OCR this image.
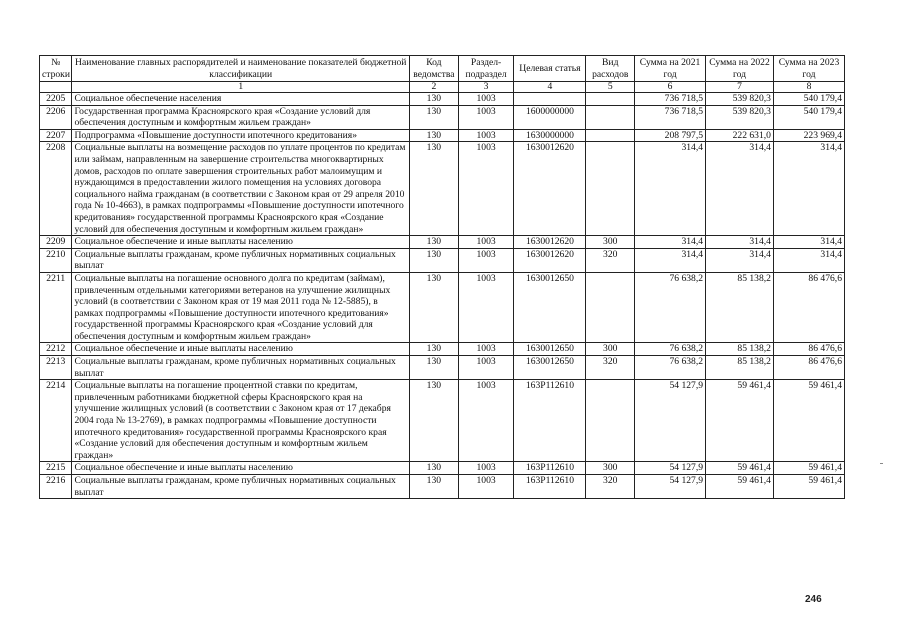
№ строки	Наименование главных распорядителей и наименование показателей бюджетной классификации	Код ведомства	Раздел-подраздел	Целевая статья	Вид расходов	Сумма на 2021 год	Сумма на 2022 год	Сумма на 2023 год
	1	2	3	4	5	6	7	8
2205	Социальное обеспечение населения	130	1003			736 718,5	539 820,3	540 179,4
2206	Государственная программа Красноярского края «Создание условий для обеспечения доступным и комфортным жильем граждан»	130	1003	1600000000		736 718,5	539 820,3	540 179,4
2207	Подпрограмма «Повышение доступности ипотечного кредитования»	130	1003	1630000000		208 797,5	222 631,0	223 969,4
2208	Социальные выплаты на возмещение расходов по уплате процентов по кредитам или займам, направленным на завершение строительства многоквартирных домов, расходов по оплате завершения строительных работ малоимущим и нуждающимся в предоставлении жилого помещения на условиях договора социального найма гражданам (в соответствии с Законом края от 29 апреля 2010 года № 10-4663), в рамках подпрограммы «Повышение доступности ипотечного кредитования» государственной программы Красноярского края «Создание условий для обеспечения доступным и комфортным жильем граждан»	130	1003	1630012620		314,4	314,4	314,4
2209	Социальное обеспечение и иные выплаты населению	130	1003	1630012620	300	314,4	314,4	314,4
2210	Социальные выплаты гражданам, кроме публичных нормативных социальных выплат	130	1003	1630012620	320	314,4	314,4	314,4
2211	Социальные выплаты на погашение основного долга по кредитам (займам), привлеченным отдельными категориями ветеранов на улучшение жилищных условий (в соответствии с Законом края от 19 мая 2011 года № 12-5885), в рамках подпрограммы «Повышение доступности ипотечного кредитования» государственной программы Красноярского края «Создание условий для обеспечения доступным и комфортным жильем граждан»	130	1003	1630012650		76 638,2	85 138,2	86 476,6
2212	Социальное обеспечение и иные выплаты населению	130	1003	1630012650	300	76 638,2	85 138,2	86 476,6
2213	Социальные выплаты гражданам, кроме публичных нормативных социальных выплат	130	1003	1630012650	320	76 638,2	85 138,2	86 476,6
2214	Социальные выплаты на погашение процентной ставки по кредитам, привлеченным работниками бюджетной сферы Красноярского края на улучшение жилищных условий (в соответствии с Законом края от 17 декабря 2004 года № 13-2769), в рамках подпрограммы «Повышение доступности ипотечного кредитования» государственной программы Красноярского края «Создание условий для обеспечения доступным и комфортным жильем граждан»	130	1003	163P112610		54 127,9	59 461,4	59 461,4
2215	Социальное обеспечение и иные выплаты населению	130	1003	163P112610	300	54 127,9	59 461,4	59 461,4
2216	Социальные выплаты гражданам, кроме публичных нормативных социальных выплат	130	1003	163P112610	320	54 127,9	59 461,4	59 461,4
246
